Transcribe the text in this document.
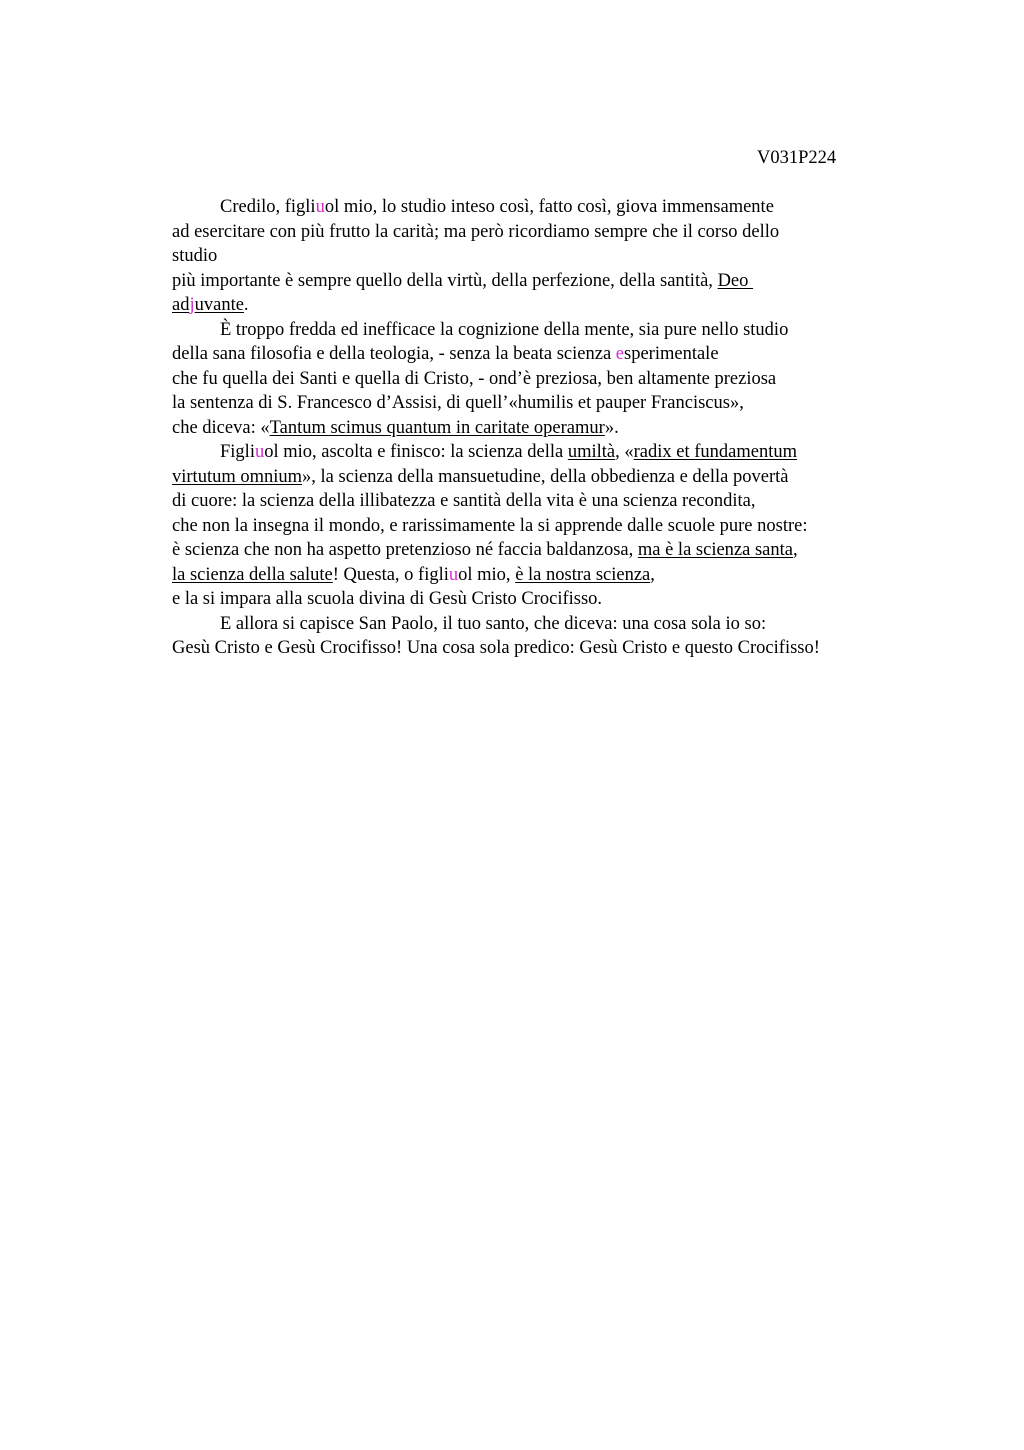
V031P224
Credilo, figliuol mio, lo studio inteso così, fatto così, giova immensamente
ad esercitare con più frutto la carità; ma però ricordiamo sempre che il corso dello
studio
più importante è sempre quello della virtù, della perfezione, della santità, Deo
adjuvante.
È troppo fredda ed inefficace la cognizione della mente, sia pure nello studio
della sana filosofia e della teologia, - senza la beata scienza esperimentale
che fu quella dei Santi e quella di Cristo, - ond’è preziosa, ben altamente preziosa
la sentenza di S. Francesco d’Assisi, di quell’«humilis et pauper Franciscus»,
che diceva: «Tantum scimus quantum in caritate operamur».
Figliuol mio, ascolta e finisco: la scienza della umiltà, «radix et fundamentum
virtutum omnium», la scienza della mansuetudine, della obbedienza e della povertà
di cuore: la scienza della illibatezza e santità della vita è una scienza recondita,
che non la insegna il mondo, e rarissimamente la si apprende dalle scuole pure nostre:
è scienza che non ha aspetto pretenzioso né faccia baldanzosa, ma è la scienza santa,
la scienza della salute! Questa, o figliuol mio, è la nostra scienza,
e la si impara alla scuola divina di Gesù Cristo Crocifisso.
E allora si capisce San Paolo, il tuo santo, che diceva: una cosa sola io so:
Gesù Cristo e Gesù Crocifisso! Una cosa sola predico: Gesù Cristo e questo Crocifisso!
